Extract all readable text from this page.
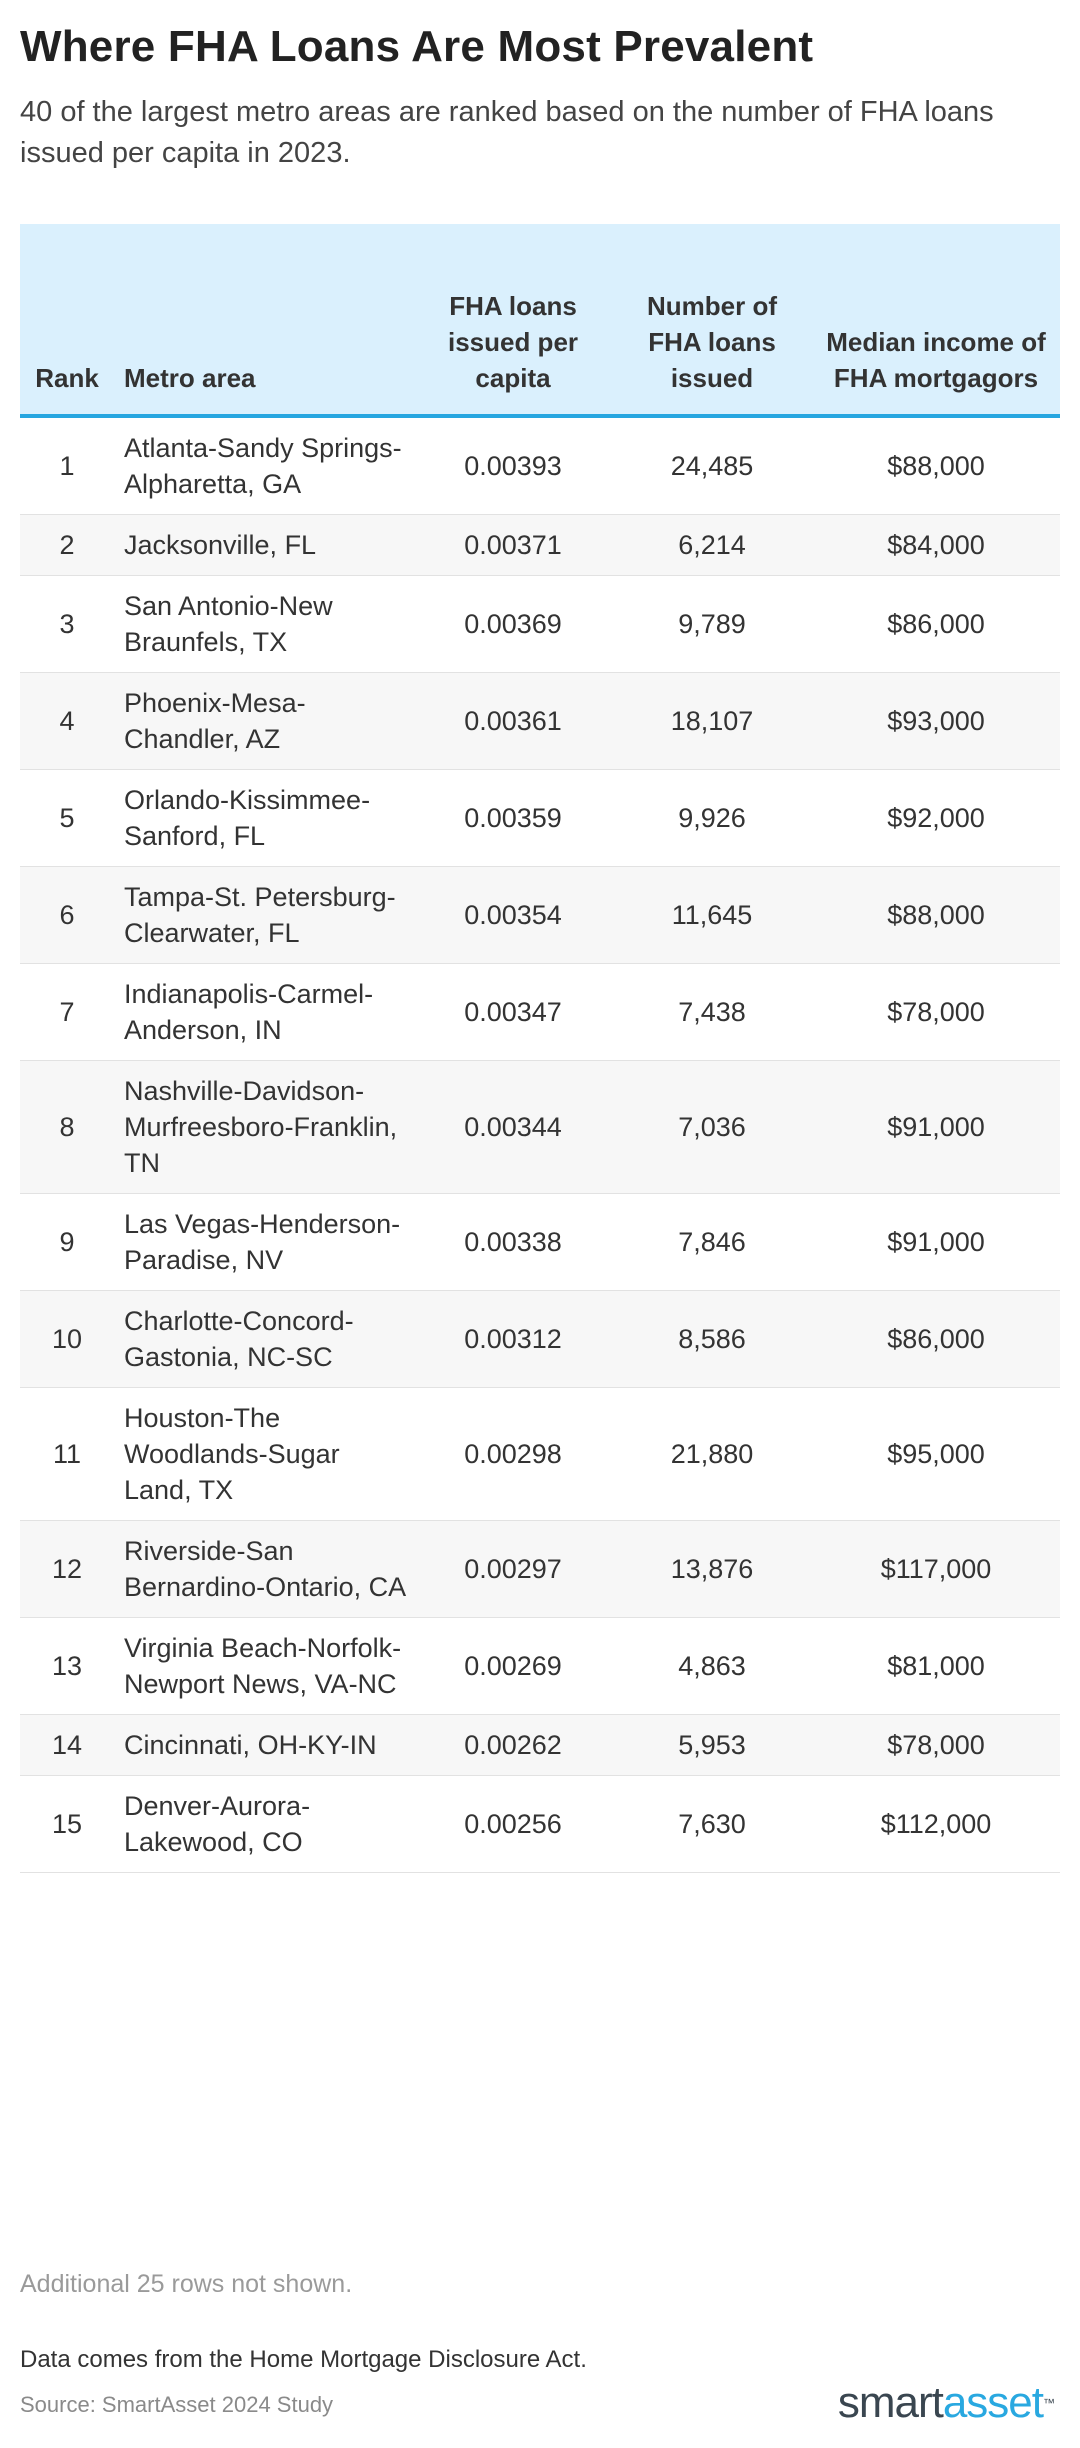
Where FHA Loans Are Most Prevalent
40 of the largest metro areas are ranked based on the number of FHA loans issued per capita in 2023.
Rank	Metro area	FHA loans issued per capita	Number of FHA loans issued	Median income of FHA mortgagors
1	Atlanta-Sandy Springs-Alpharetta, GA	0.00393	24,485	$88,000
2	Jacksonville, FL	0.00371	6,214	$84,000
3	San Antonio-New Braunfels, TX	0.00369	9,789	$86,000
4	Phoenix-Mesa-Chandler, AZ	0.00361	18,107	$93,000
5	Orlando-Kissimmee-Sanford, FL	0.00359	9,926	$92,000
6	Tampa-St. Petersburg-Clearwater, FL	0.00354	11,645	$88,000
7	Indianapolis-Carmel-Anderson, IN	0.00347	7,438	$78,000
8	Nashville-Davidson-Murfreesboro-Franklin, TN	0.00344	7,036	$91,000
9	Las Vegas-Henderson-Paradise, NV	0.00338	7,846	$91,000
10	Charlotte-Concord-Gastonia, NC-SC	0.00312	8,586	$86,000
11	Houston-The Woodlands-Sugar Land, TX	0.00298	21,880	$95,000
12	Riverside-San Bernardino-Ontario, CA	0.00297	13,876	$117,000
13	Virginia Beach-Norfolk-Newport News, VA-NC	0.00269	4,863	$81,000
14	Cincinnati, OH-KY-IN	0.00262	5,953	$78,000
15	Denver-Aurora-Lakewood, CO	0.00256	7,630	$112,000
Additional 25 rows not shown.
Data comes from the Home Mortgage Disclosure Act.
Source: SmartAsset 2024 Study	smartasset™
